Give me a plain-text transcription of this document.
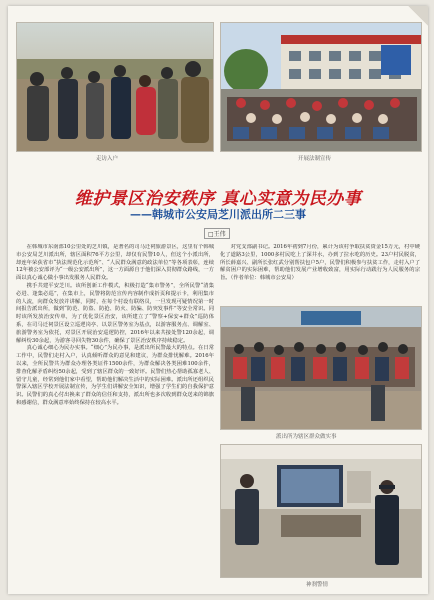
走访入户	开展法制宣传
维护景区治安秩序 真心实意为民办事
——韩城市公安局芝川派出所二三事
□王伟

在韩城市东南部10公里处的芝川镇，是著名的司马迁祠旅游景区，这里有个韩城市公安局芝川派出所，辖区面积76平方公里，却仅有民警10人，但这个小派出所，却连年荣获省市“执法规范化示范所”、“人民群众满意的政法单位”等各项表彰，连续12年被公安部评为“一级公安派出所”，这一方面源自于他们深入贯彻群众路线，一方面以真心诚心做小事出发服务人民群众。

携手共建平安芝川。该所创新工作模式，积极打造“集市警务”，全所民警“清集必进、逢集必巡”，在集市上，民警将防范宣传内容制作成折页和提示卡，利用集市的人流，向群众发放并讲解，同时，在每个村设有联络员，一旦发现可疑情况第一时间报告派出所，做到“防范、防盗、防抢、防火、防骗、防突发事件”等安全常识。同时该所发放治安传单，为了优化景区治安，该所建立了“警察+保安+群众”巡防体系，在司马迁祠景区设立巡逻岗亭、以景区警务室为基点，以游客服务点、调解室、旅游警务室为依托，对景区开展治安巡逻防控，2016年以来共接处警120余起，调解纠纷30余起，为游客寻回失物30余件，确保了景区治安秩序持续稳定。

真心诚心细心为民办实事。“细心”为民办事，是派出所民警最大的特点。在日常工作中，民警们走村入户，认真倾听群众的意见和建议，为群众排忧解难。2016年以来，全所民警共为群众办理各类证件1500余件，为群众解决各类困难100余件，排查化解矛盾纠纷50余起，受到了辖区群众的一致好评。民警们热心帮助孤寡老人、留守儿童，经常到他们家中看望，帮助他们解决生活中的实际困难。派出所还组织民警深入辖区学校开展法制宣传，为学生们讲解安全知识，增强了学生们的自我保护意识。民警们的真心付出换来了群众的信任和支持，派出所也多次收到群众送来的锦旗和感谢信，群众满意率始终保持在较高水平。

对党支部副书记。2016年初到7月份，累计为该村争取扶贫资金15万元，村中硬化了道路3公里，1000多村民吃上了深井水，办到了拉水吃的历史。23户村民脱贫，所长薛嘉兴、副所长张红武分别帮扶包户5户，民警们积极参与扶贫工作，走村入户了解贫困户的实际困难，帮助他们发展产业增收致富，用实际行动践行为人民服务的宗旨。（作者单位：韩城市公安局）

派出所为辖区群众做实事
神刹警情
